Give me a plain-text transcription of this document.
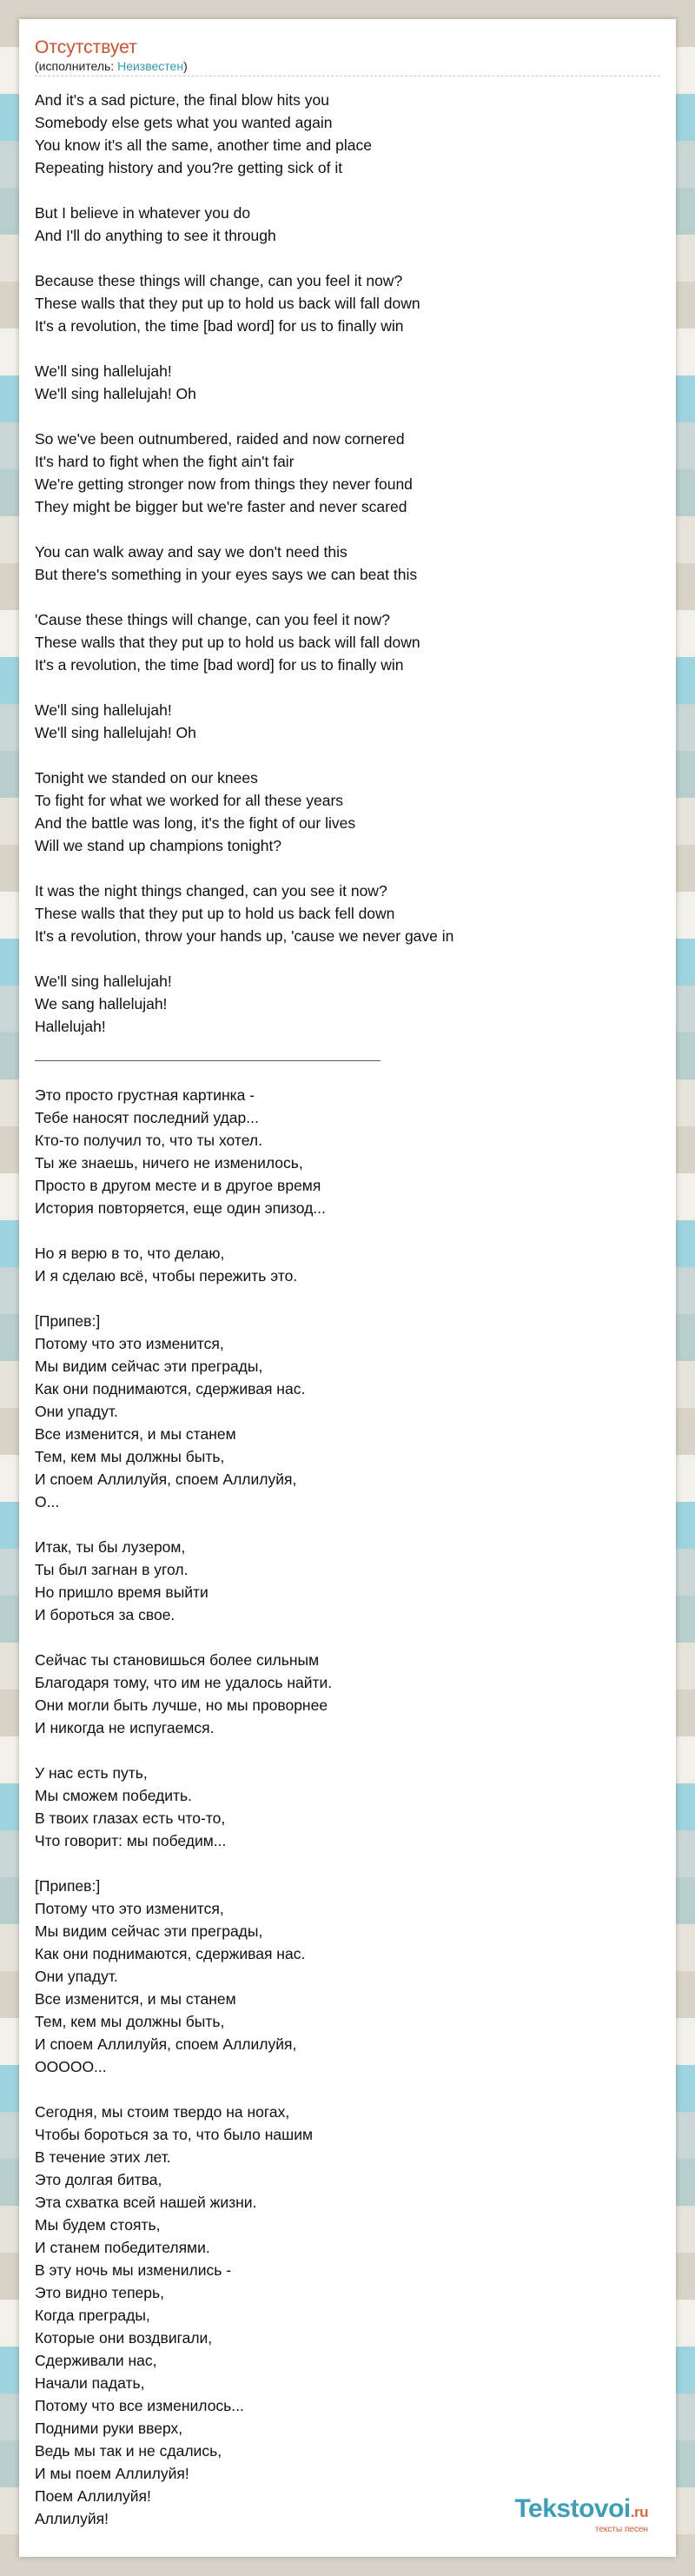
Отсутствует
(исполнитель: Неизвестен)
And it's a sad picture, the final blow hits you
Somebody else gets what you wanted again
You know it's all the same, another time and place
Repeating history and you?re getting sick of it

But I believe in whatever you do
And I'll do anything to see it through

Because these things will change, can you feel it now?
These walls that they put up to hold us back will fall down
It's a revolution, the time [bad word] for us to finally win

We'll sing hallelujah!
We'll sing hallelujah! Oh

So we've been outnumbered, raided and now cornered
It's hard to fight when the fight ain't fair
We're getting stronger now from things they never found
They might be bigger but we're faster and never scared

You can walk away and say we don't need this
But there's something in your eyes says we can beat this

'Cause these things will change, can you feel it now?
These walls that they put up to hold us back will fall down
It's a revolution, the time [bad word] for us to finally win

We'll sing hallelujah!
We'll sing hallelujah! Oh

Tonight we standed on our knees
To fight for what we worked for all these years
And the battle was long, it's the fight of our lives
Will we stand up champions tonight?

It was the night things changed, can you see it now?
These walls that they put up to hold us back fell down
It's a revolution, throw your hands up, 'cause we never gave in

We'll sing hallelujah!
We sang hallelujah!
Hallelujah!
Это просто грустная картинка -
Тебе наносят последний удар...
Кто-то получил то, что ты хотел.
Ты же знаешь, ничего не изменилось,
Просто в другом месте и в другое время
История повторяется, еще один эпизод...

Но я верю в то, что делаю,
И я сделаю всё, чтобы пережить это.

[Припев:]
Потому что это изменится,
Мы видим сейчас эти преграды,
Как они поднимаются, сдерживая нас.
Они упадут.
Все изменится, и мы станем
Тем, кем мы должны быть,
И споем Аллилуйя, споем Аллилуйя,
О...

Итак, ты бы лузером,
Ты был загнан в угол.
Но пришло время выйти
И бороться за свое.

Сейчас ты становишься более сильным
Благодаря тому, что им не удалось найти.
Они могли быть лучше, но мы проворнее
И никогда не испугаемся.

У нас есть путь,
Мы сможем победить.
В твоих глазах есть что-то,
Что говорит: мы победим...

[Припев:]
Потому что это изменится,
Мы видим сейчас эти преграды,
Как они поднимаются, сдерживая нас.
Они упадут.
Все изменится, и мы станем
Тем, кем мы должны быть,
И споем Аллилуйя, споем Аллилуйя,
ООООО...

Сегодня, мы стоим твердо на ногах,
Чтобы бороться за то, что было нашим
В течение этих лет.
Это долгая битва,
Эта схватка всей нашей жизни.
Мы будем стоять,
И станем победителями.
В эту ночь мы изменились -
Это видно теперь,
Когда преграды,
Которые они воздвигали,
Сдерживали нас,
Начали падать,
Потому что все изменилось...
Подними руки вверх,
Ведь мы так и не сдались,
И мы поем Аллилуйя!
Поем Аллилуйя!
Аллилуйя!	Tekstovoi.ru
тексты песен
